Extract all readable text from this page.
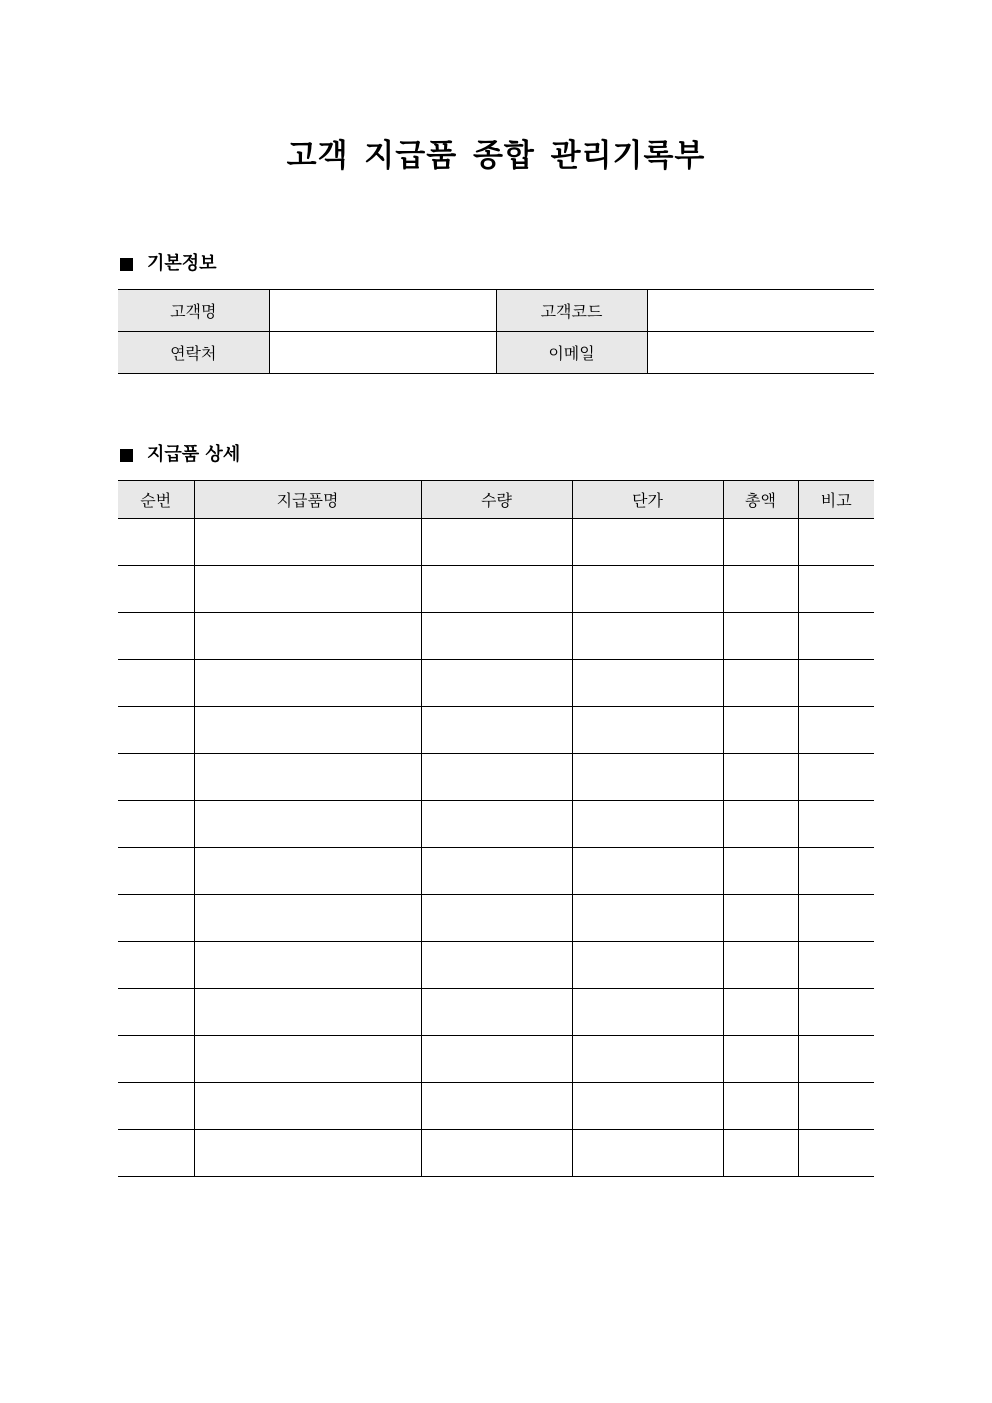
고객 지급품 종합 관리기록부
기본정보
고객명		고객코드	
연락처		이메일	
지급품 상세
순번	지급품명	수량	단가	총액	비고
